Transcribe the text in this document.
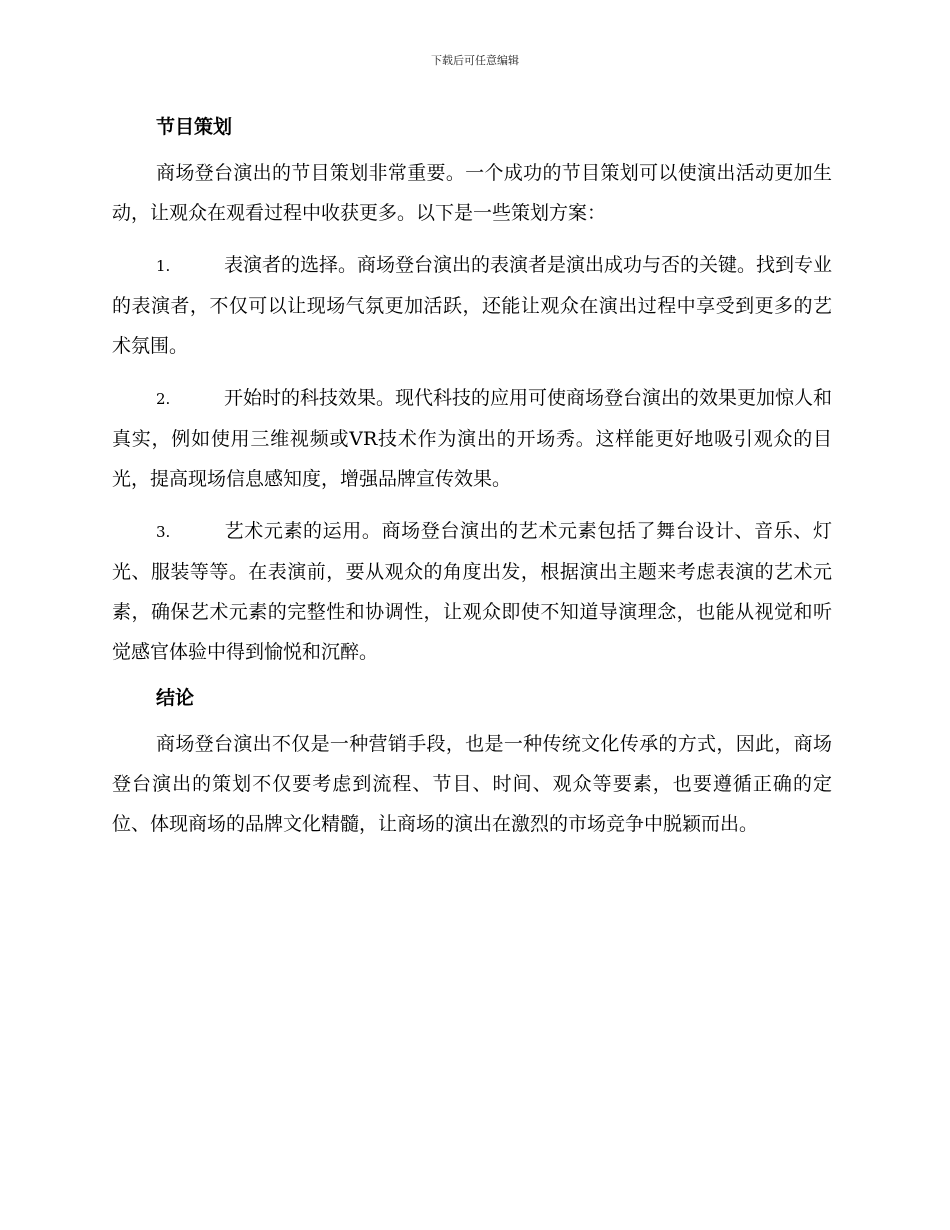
下载后可任意编辑
节目策划

商场登台演出的节目策划非常重要。一个成功的节目策划可以使演出活动更加生动，让观众在观看过程中收获更多。以下是一些策划方案：

1.	表演者的选择。商场登台演出的表演者是演出成功与否的关键。找到专业的表演者，不仅可以让现场气氛更加活跃，还能让观众在演出过程中享受到更多的艺术氛围。

2.	开始时的科技效果。现代科技的应用可使商场登台演出的效果更加惊人和真实，例如使用三维视频或VR技术作为演出的开场秀。这样能更好地吸引观众的目光，提高现场信息感知度，增强品牌宣传效果。

3.	艺术元素的运用。商场登台演出的艺术元素包括了舞台设计、音乐、灯光、服装等等。在表演前，要从观众的角度出发，根据演出主题来考虑表演的艺术元素，确保艺术元素的完整性和协调性，让观众即使不知道导演理念，也能从视觉和听觉感官体验中得到愉悦和沉醉。

结论

商场登台演出不仅是一种营销手段，也是一种传统文化传承的方式，因此，商场登台演出的策划不仅要考虑到流程、节目、时间、观众等要素，也要遵循正确的定位、体现商场的品牌文化精髓，让商场的演出在激烈的市场竞争中脱颖而出。
